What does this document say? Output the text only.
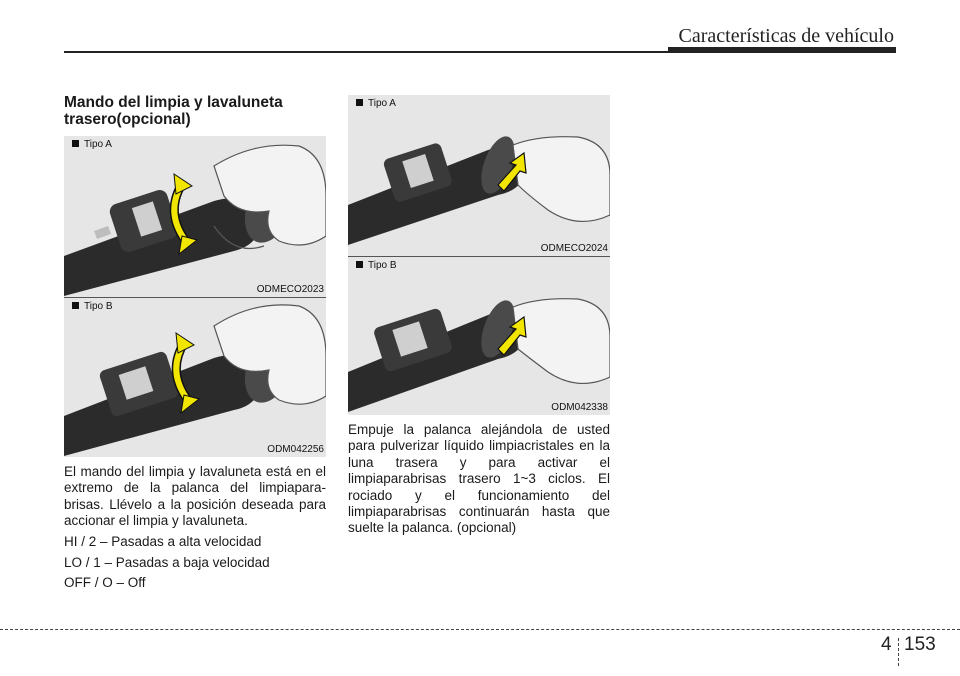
Características de vehículo
Mando del limpia y lavaluneta trasero(opcional)
Tipo A
ODMECO2023
Tipo B
ODM042256
Tipo A
ODMECO2024
Tipo B
ODM042338
El mando del limpia y lavaluneta está en el extremo de la palanca del limpiapara-brisas. Llévelo a la posición deseada para accionar el limpia y lavaluneta.
HI / 2 – Pasadas a alta velocidad
LO / 1 – Pasadas a baja velocidad
OFF / O – Off
Empuje la palanca alejándola de usted para pulverizar líquido limpiacristales en la luna trasera y para activar el limpiaparabrisas trasero 1~3 ciclos. El rociado y el funcionamiento del limpiaparabrisas continuarán hasta que suelte la palanca. (opcional)
4 153
